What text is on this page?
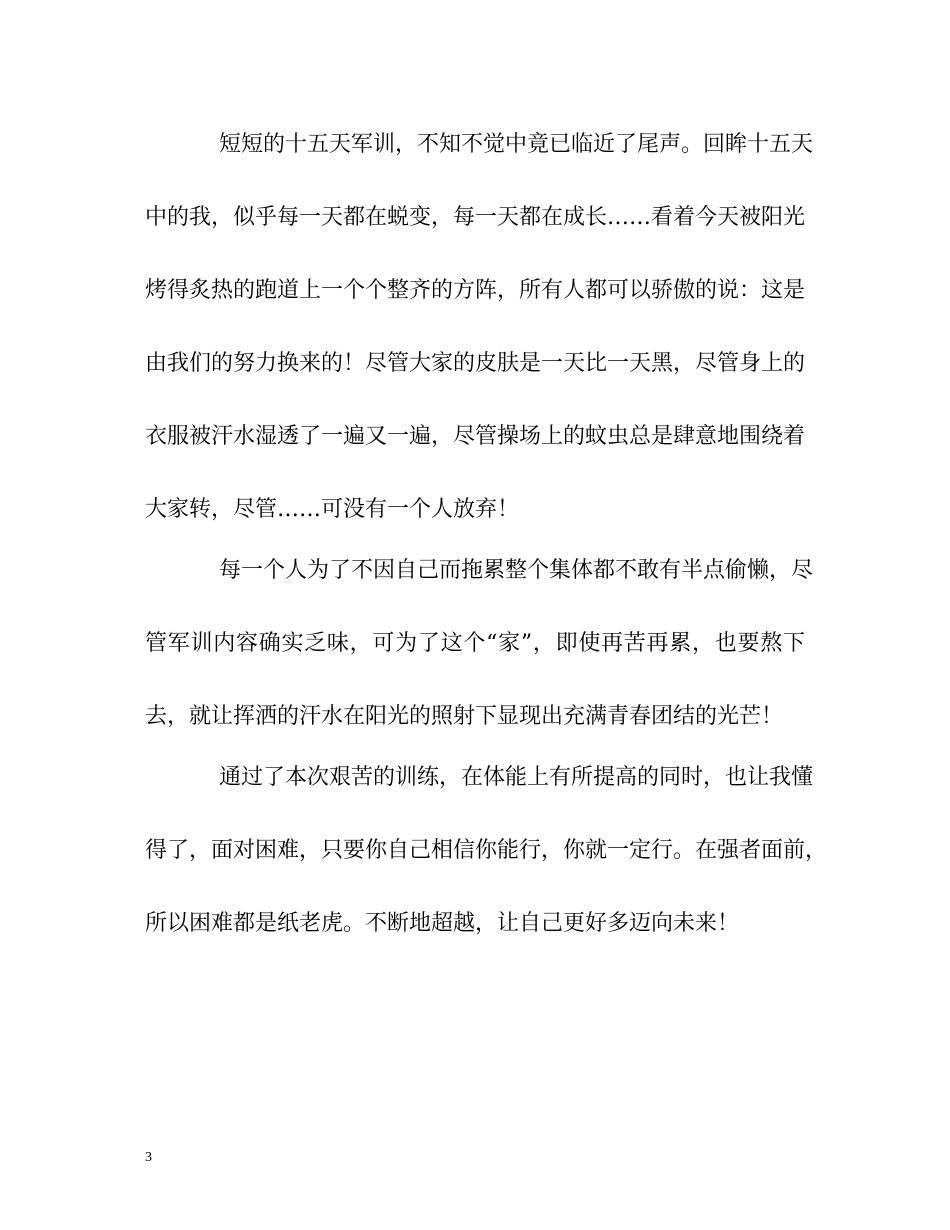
短短的十五天军训，不知不觉中竟已临近了尾声。回眸十五天
中的我，似乎每一天都在蜕变，每一天都在成长……看着今天被阳光
烤得炙热的跑道上一个个整齐的方阵，所有人都可以骄傲的说：这是
由我们的努力换来的！尽管大家的皮肤是一天比一天黑，尽管身上的
衣服被汗水湿透了一遍又一遍，尽管操场上的蚊虫总是肆意地围绕着
大家转，尽管……可没有一个人放弃！
每一个人为了不因自己而拖累整个集体都不敢有半点偷懒，尽
管军训内容确实乏味，可为了这个“家”，即使再苦再累，也要熬下
去，就让挥洒的汗水在阳光的照射下显现出充满青春团结的光芒！
通过了本次艰苦的训练，在体能上有所提高的同时，也让我懂
得了，面对困难，只要你自己相信你能行，你就一定行。在强者面前，
所以困难都是纸老虎。不断地超越，让自己更好多迈向未来！
3
